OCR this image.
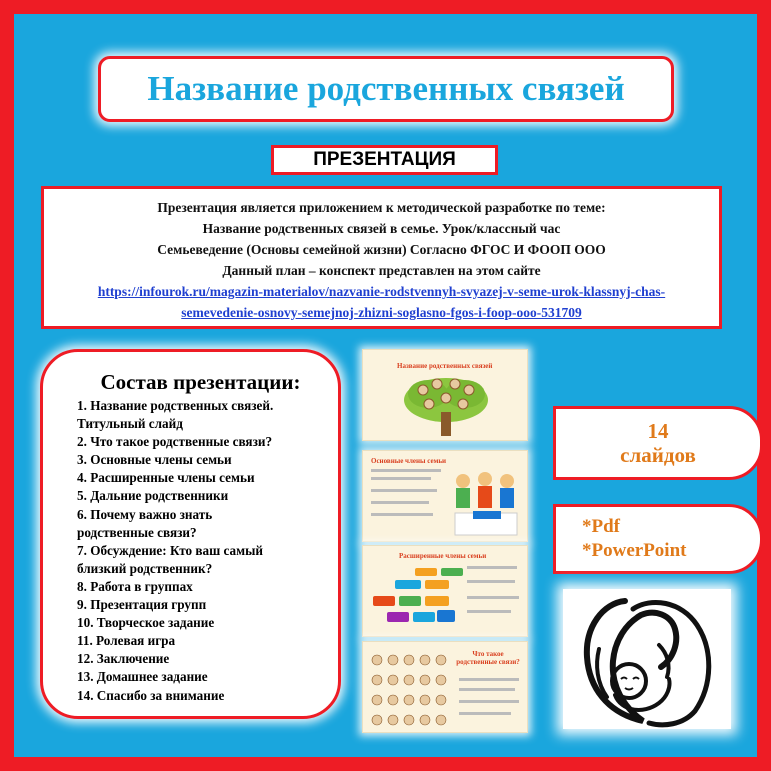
Название родственных связей
ПРЕЗЕНТАЦИЯ
Презентация является приложением к методической разработке по теме:
Название родственных связей в семье. Урок/классный час
Семьеведение (Основы семейной жизни) Согласно ФГОС И ФООП ООО
Данный план – конспект представлен на этом сайте
https://infourok.ru/magazin-materialov/nazvanie-rodstvennyh-svyazej-v-seme-urok-klassnyj-chas-
semevedenie-osnovy-semejnoj-zhizni-soglasno-fgos-i-foop-ooo-531709
Состав презентации:
1. Название родственных связей.
Титульный слайд
2. Что такое родственные связи?
3. Основные члены семьи
4. Расширенные члены семьи
5. Дальние родственники
6. Почему важно знать
родственные связи?
7. Обсуждение: Кто ваш самый
близкий родственник?
8. Работа в группах
9. Презентация групп
10. Творческое задание
11. Ролевая игра
12. Заключение
13. Домашнее задание
14. Спасибо за внимание
Название родственных связей
Основные члены семьи
Расширенные члены семьи
Что такое родственные связи?
14
слайдов
*Pdf
*PowerPoint
